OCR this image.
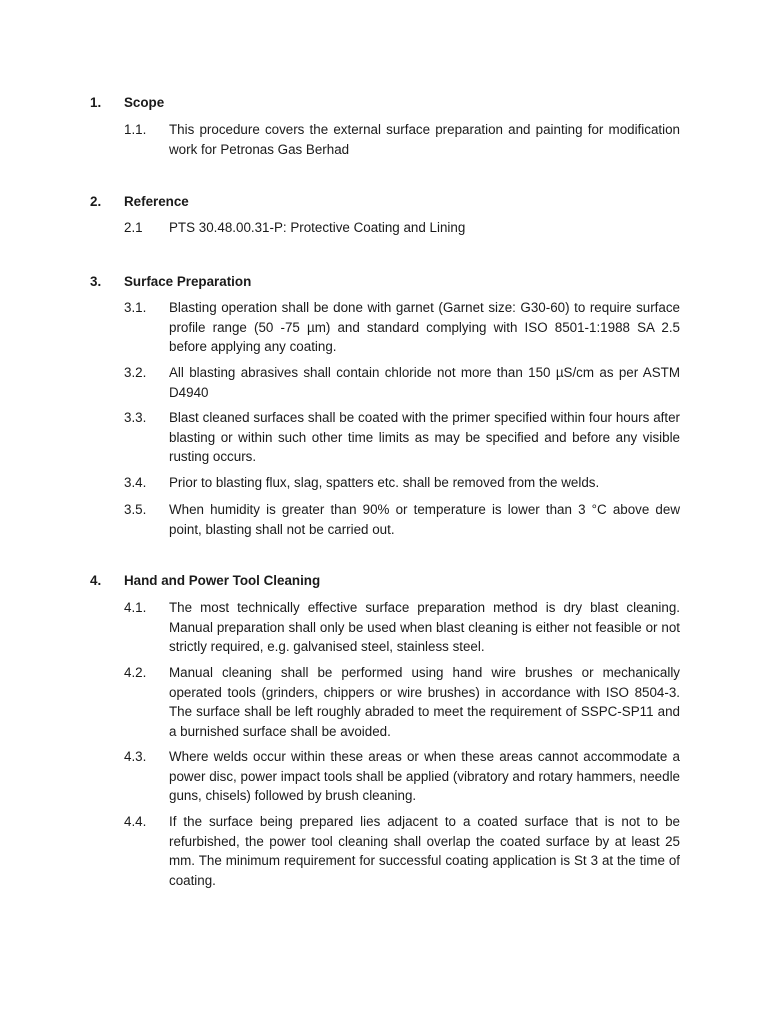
1. Scope
1.1. This procedure covers the external surface preparation and painting for modification work for Petronas Gas Berhad
2. Reference
2.1 PTS 30.48.00.31-P: Protective Coating and Lining
3. Surface Preparation
3.1. Blasting operation shall be done with garnet (Garnet size: G30-60) to require surface profile range (50 -75 µm) and standard complying with ISO 8501-1:1988 SA 2.5 before applying any coating.
3.2. All blasting abrasives shall contain chloride not more than 150 µS/cm as per ASTM D4940
3.3. Blast cleaned surfaces shall be coated with the primer specified within four hours after blasting or within such other time limits as may be specified and before any visible rusting occurs.
3.4. Prior to blasting flux, slag, spatters etc. shall be removed from the welds.
3.5. When humidity is greater than 90% or temperature is lower than 3 °C above dew point, blasting shall not be carried out.
4. Hand and Power Tool Cleaning
4.1. The most technically effective surface preparation method is dry blast cleaning. Manual preparation shall only be used when blast cleaning is either not feasible or not strictly required, e.g. galvanised steel, stainless steel.
4.2. Manual cleaning shall be performed using hand wire brushes or mechanically operated tools (grinders, chippers or wire brushes) in accordance with ISO 8504-3. The surface shall be left roughly abraded to meet the requirement of SSPC-SP11 and a burnished surface shall be avoided.
4.3. Where welds occur within these areas or when these areas cannot accommodate a power disc, power impact tools shall be applied (vibratory and rotary hammers, needle guns, chisels) followed by brush cleaning.
4.4. If the surface being prepared lies adjacent to a coated surface that is not to be refurbished, the power tool cleaning shall overlap the coated surface by at least 25 mm. The minimum requirement for successful coating application is St 3 at the time of coating.
